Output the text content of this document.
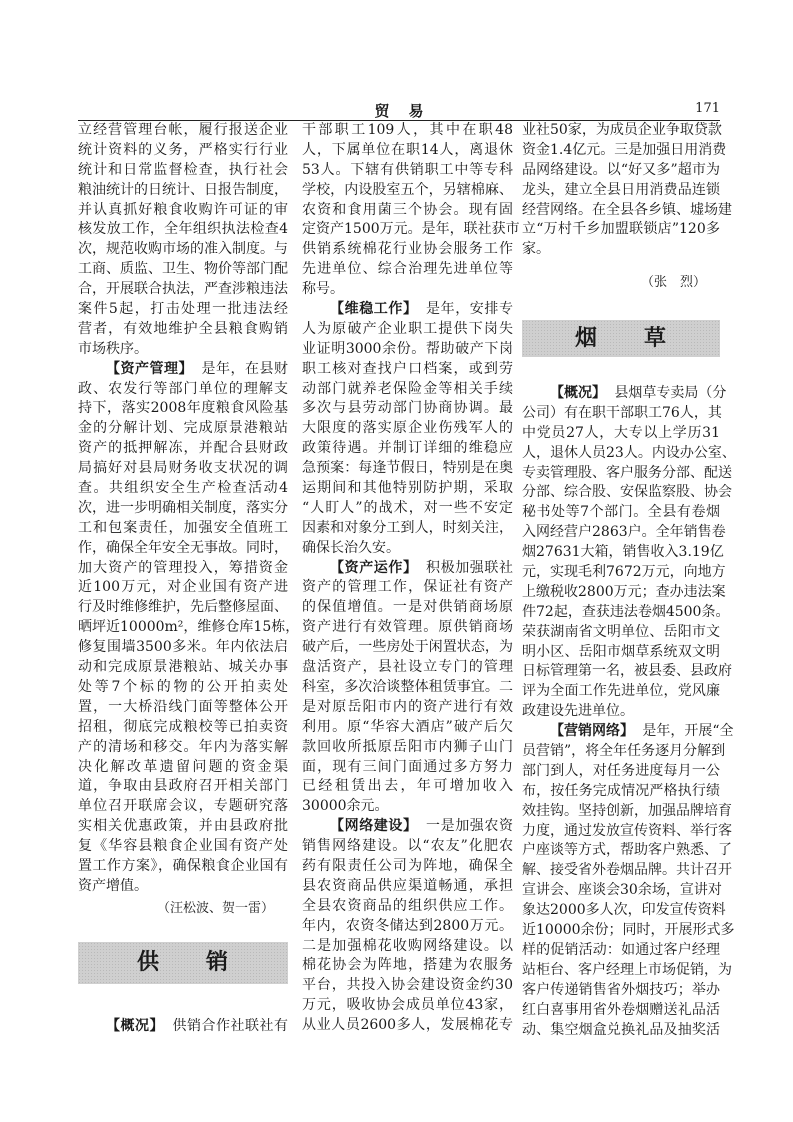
贸　易	171
立经营管理台帐，履行报送企业
统计资料的义务，严格实行行业
统计和日常监督检查，执行社会
粮油统计的日统计、日报告制度，
并认真抓好粮食收购许可证的审
核发放工作，全年组织执法检查4
次，规范收购市场的准入制度。与
工商、质监、卫生、物价等部门配
合，开展联合执法，严查涉粮违法
案件5起，打击处理一批违法经
营者，有效地维护全县粮食购销
市场秩序。
【资产管理】 是年，在县财
政、农发行等部门单位的理解支
持下，落实2008年度粮食风险基
金的分解计划、完成原景港粮站
资产的抵押解冻，并配合县财政
局搞好对县局财务收支状况的调
查。共组织安全生产检查活动4
次，进一步明确相关制度，落实分
工和包案责任，加强安全值班工
作，确保全年安全无事故。同时，
加大资产的管理投入，筹措资金
近100万元，对企业国有资产进
行及时维修维护，先后整修屋面、
晒坪近10000m²，维修仓库15栋，
修复围墙3500多米。年内依法启
动和完成原景港粮站、城关办事
处等7个标的物的公开拍卖处
置，一大桥沿线门面等整体公开
招租，彻底完成粮校等已拍卖资
产的清场和移交。年内为落实解
决化解改革遗留问题的资金渠
道，争取由县政府召开相关部门
单位召开联席会议，专题研究落
实相关优惠政策，并由县政府批
复《华容县粮食企业国有资产处
置工作方案》，确保粮食企业国有
资产增值。
（汪松波、贺一雷）
供　　销
【概况】 供销合作社联社有
干部职工109人，其中在职48
人，下属单位在职14人，离退休
53人。下辖有供销职工中等专科
学校，内设股室五个，另辖棉麻、
农资和食用菌三个协会。现有固
定资产1500万元。是年，联社获市
供销系统棉花行业协会服务工作
先进单位、综合治理先进单位等
称号。
【维稳工作】 是年，安排专
人为原破产企业职工提供下岗失
业证明3000余份。帮助破产下岗
职工核对查找户口档案，或到劳
动部门就养老保险金等相关手续
多次与县劳动部门协商协调。最
大限度的落实原企业伤残军人的
政策待遇。并制订详细的维稳应
急预案：每逢节假日，特别是在奥
运期间和其他特别防护期，采取
“人盯人”的战术，对一些不安定
因素和对象分工到人，时刻关注，
确保长治久安。
【资产运作】 积极加强联社
资产的管理工作，保证社有资产
的保值增值。一是对供销商场原
资产进行有效管理。原供销商场
破产后，一些房处于闲置状态，为
盘活资产，县社设立专门的管理
科室，多次洽谈整体租赁事宜。二
是对原岳阳市内的资产进行有效
利用。原“华容大酒店”破产后欠
款回收所抵原岳阳市内狮子山门
面，现有三间门面通过多方努力
已经租赁出去，年可增加收入
30000余元。
【网络建设】 一是加强农资
销售网络建设。以“农友”化肥农
药有限责任公司为阵地，确保全
县农资商品供应渠道畅通，承担
全县农资商品的组织供应工作。
年内，农资冬储达到2800万元。
二是加强棉花收购网络建设。以
棉花协会为阵地，搭建为农服务
平台，共投入协会建设资金约30
万元，吸收协会成员单位43家，
从业人员2600多人，发展棉花专
业社50家，为成员企业争取贷款
资金1.4亿元。三是加强日用消费
品网络建设。以“好又多”超市为
龙头，建立全县日用消费品连锁
经营网络。在全县各乡镇、墟场建
立“万村千乡加盟联锁店”120多
家。
（张　烈）
烟　　草
【概况】 县烟草专卖局（分
公司）有在职干部职工76人，其
中党员27人，大专以上学历31
人，退休人员23人。内设办公室、
专卖管理股、客户服务分部、配送
分部、综合股、安保监察股、协会
秘书处等7个部门。全县有卷烟
入网经营户2863户。全年销售卷
烟27631大箱，销售收入3.19亿
元，实现毛利7672万元，向地方
上缴税收2800万元；查办违法案
件72起，查获违法卷烟4500条。
荣获湖南省文明单位、岳阳市文
明小区、岳阳市烟草系统双文明
日标管理第一名，被县委、县政府
评为全面工作先进单位，党风廉
政建设先进单位。
【营销网络】 是年，开展“全
员营销”，将全年任务逐月分解到
部门到人，对任务进度每月一公
布，按任务完成情况严格执行绩
效挂钩。坚持创新，加强品牌培育
力度，通过发放宣传资料、举行客
户座谈等方式，帮助客户熟悉、了
解、接受省外卷烟品牌。共计召开
宣讲会、座谈会30余场，宣讲对
象达2000多人次，印发宣传资料
近10000余份；同时，开展形式多
样的促销活动：如通过客户经理
站柜台、客户经理上市场促销，为
客户传递销售省外烟技巧；举办
红白喜事用省外卷烟赠送礼品活
动、集空烟盒兑换礼品及抽奖活
